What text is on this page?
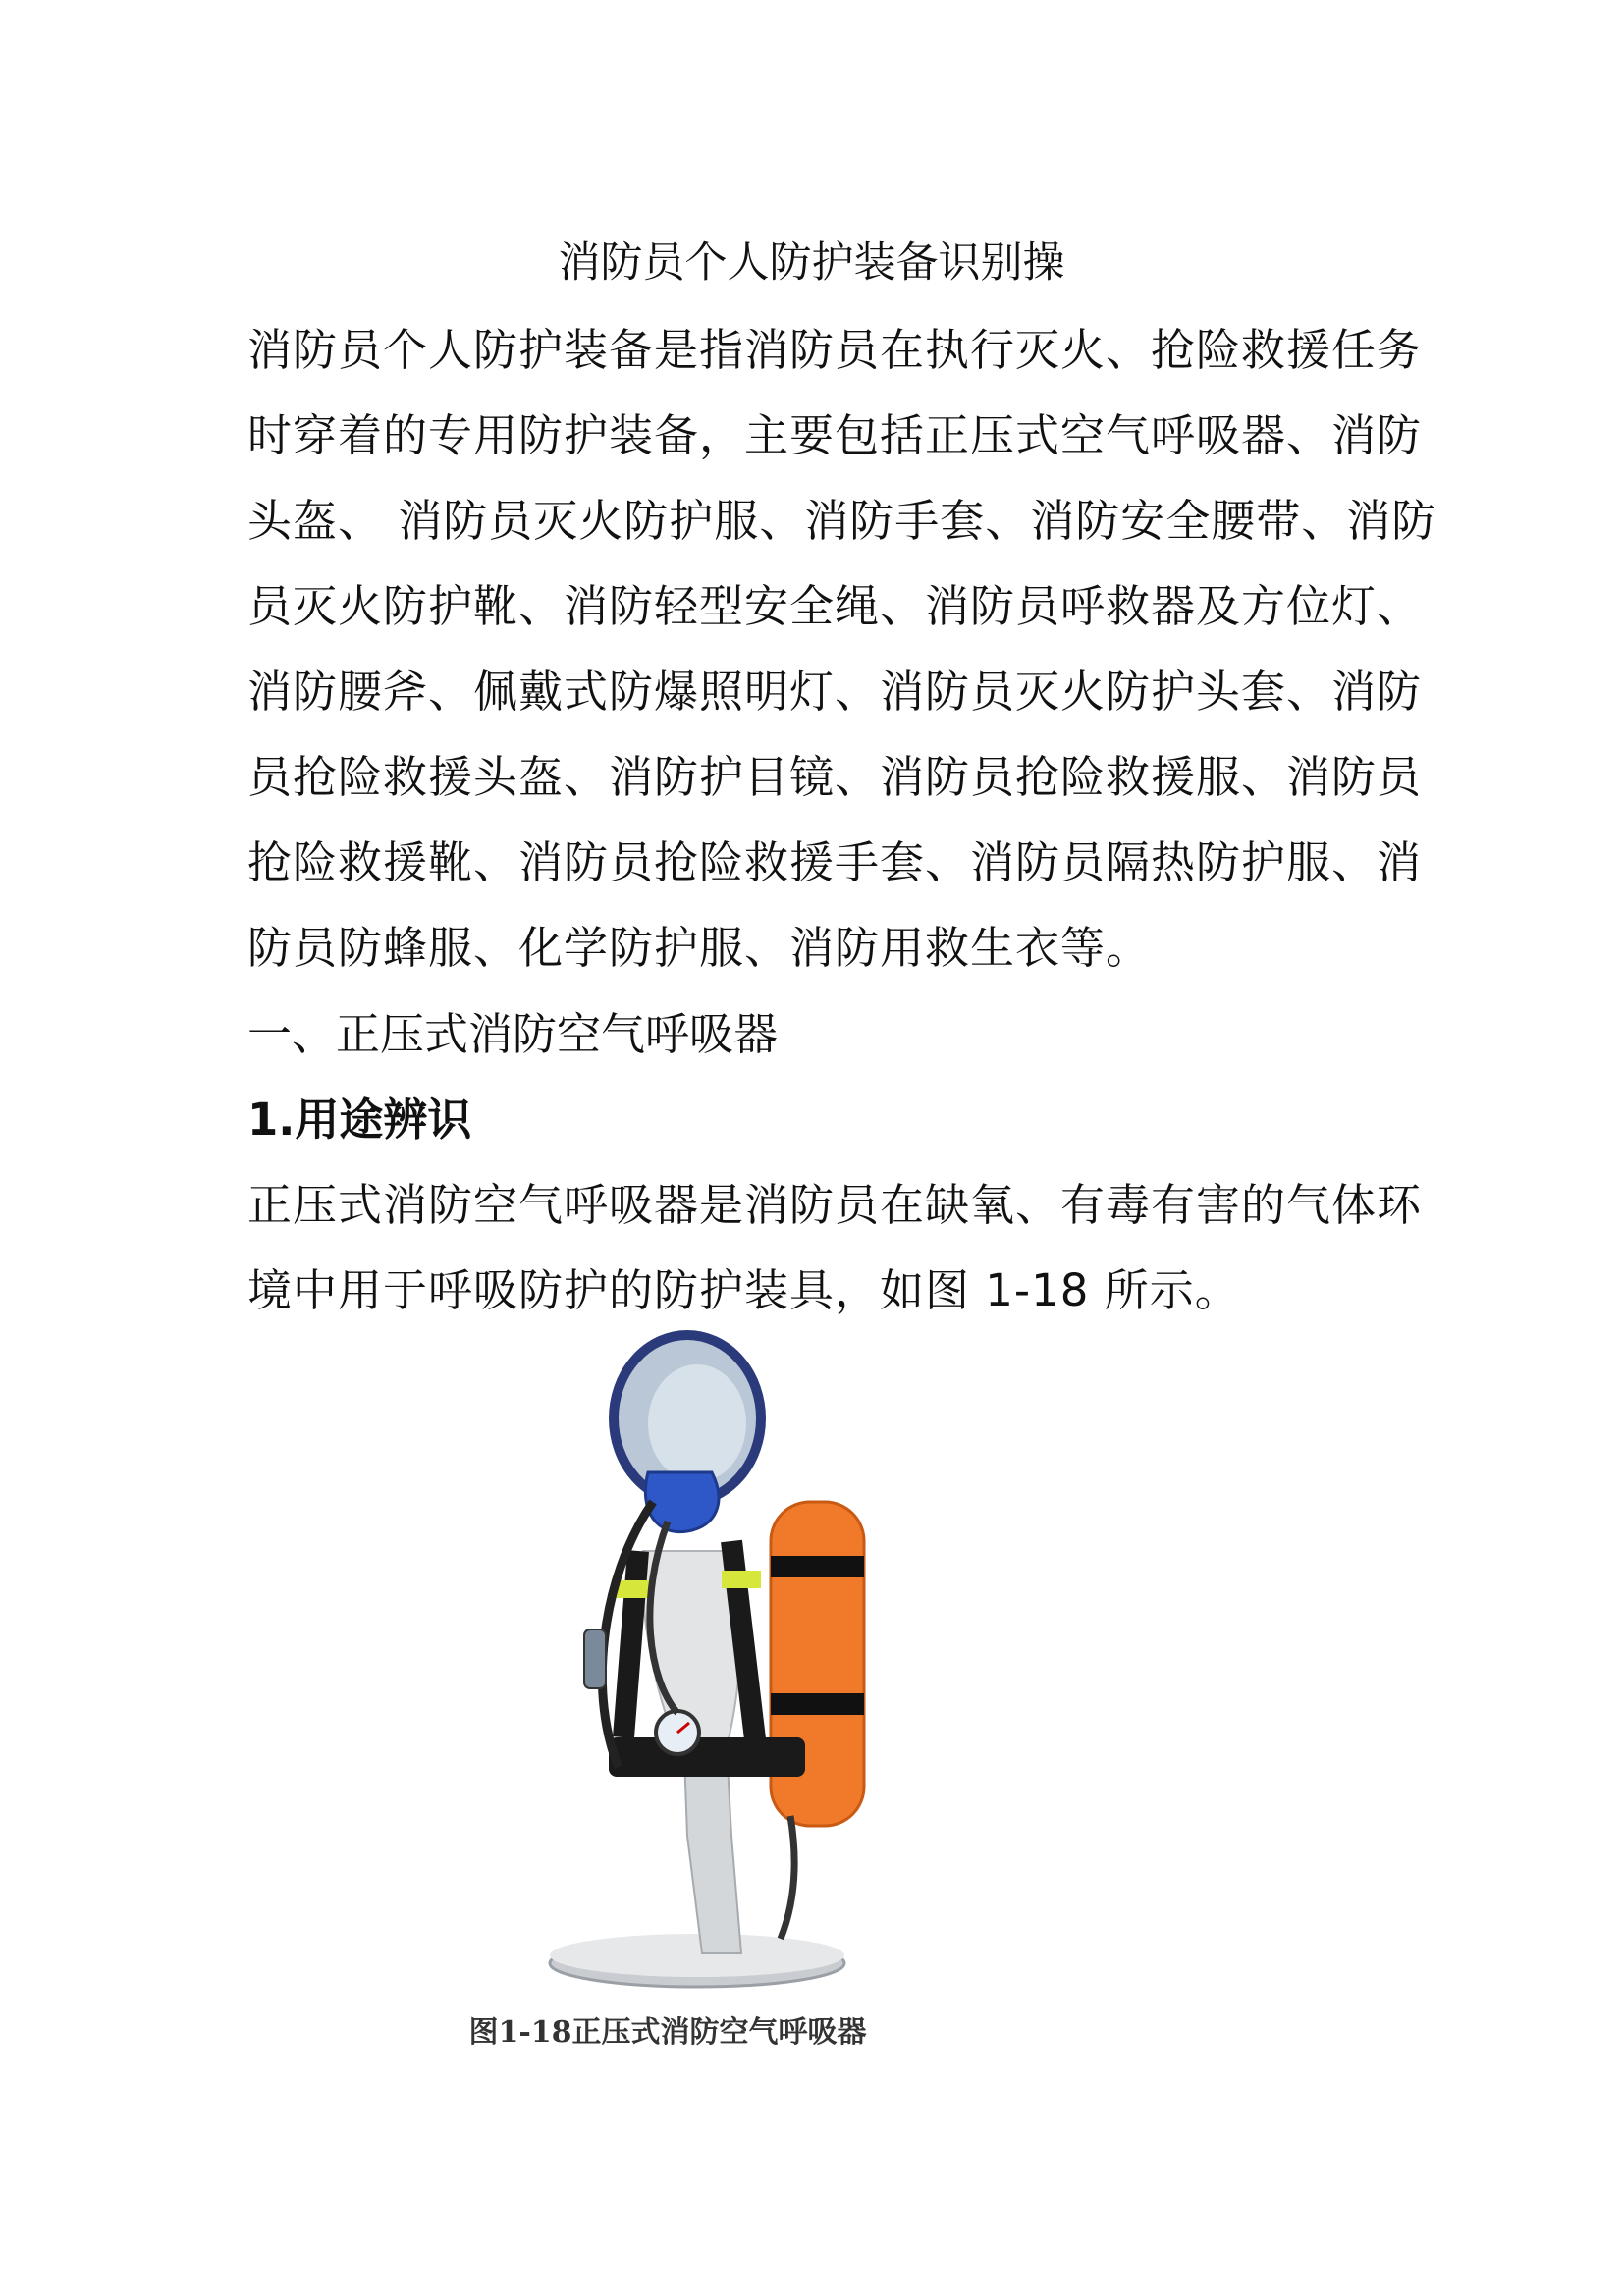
消防员个人防护装备识别操
消防员个人防护装备是指消防员在执行灭火、抢险救援任务
时穿着的专用防护装备，主要包括正压式空气呼吸器、消防
头盔、 消防员灭火防护服、消防手套、消防安全腰带、消防
员灭火防护靴、消防轻型安全绳、消防员呼救器及方位灯、
消防腰斧、佩戴式防爆照明灯、消防员灭火防护头套、消防
员抢险救援头盔、消防护目镜、消防员抢险救援服、消防员
抢险救援靴、消防员抢险救援手套、消防员隔热防护服、消
防员防蜂服、化学防护服、消防用救生衣等。
一、正压式消防空气呼吸器
1.用途辨识
正压式消防空气呼吸器是消防员在缺氧、有毒有害的气体环
境中用于呼吸防护的防护装具，如图 1-18 所示。
图1-18正压式消防空气呼吸器
